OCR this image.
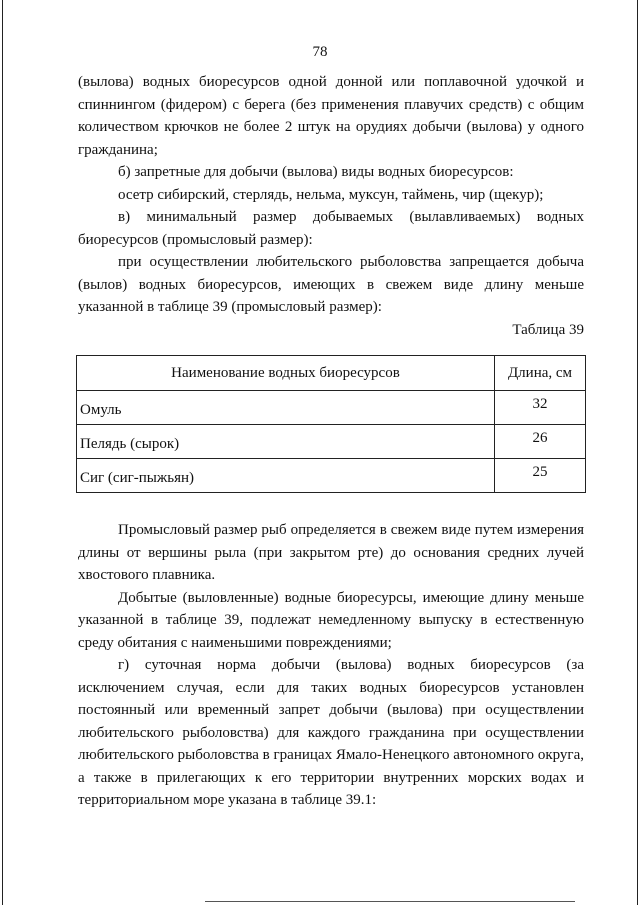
78

(вылова) водных биоресурсов одной донной или поплавочной удочкой и спиннингом (фидером) с берега (без применения плавучих средств) с общим количеством крючков не более 2 штук на орудиях добычи (вылова) у одного гражданина;

б) запретные для добычи (вылова) виды водных биоресурсов:

осетр сибирский, стерлядь, нельма, муксун, таймень, чир (щекур);

в) минимальный размер добываемых (вылавливаемых) водных биоресурсов (промысловый размер):

при осуществлении любительского рыболовства запрещается добыча (вылов) водных биоресурсов, имеющих в свежем виде длину меньше указанной в таблице 39 (промысловый размер):

Таблица 39

Наименование водных биоресурсов	Длина, см
Омуль	32
Пелядь (сырок)	26
Сиг (сиг-пыжьян)	25

Промысловый размер рыб определяется в свежем виде путем измерения длины от вершины рыла (при закрытом рте) до основания средних лучей хвостового плавника.

Добытые (выловленные) водные биоресурсы, имеющие длину меньше указанной в таблице 39, подлежат немедленному выпуску в естественную среду обитания с наименьшими повреждениями;

г) суточная норма добычи (вылова) водных биоресурсов (за исключением случая, если для таких водных биоресурсов установлен постоянный или временный запрет добычи (вылова) при осуществлении любительского рыболовства) для каждого гражданина при осуществлении любительского рыболовства в границах Ямало-Ненецкого автономного округа, а также в прилегающих к его территории внутренних морских водах и территориальном море указана в таблице 39.1:
